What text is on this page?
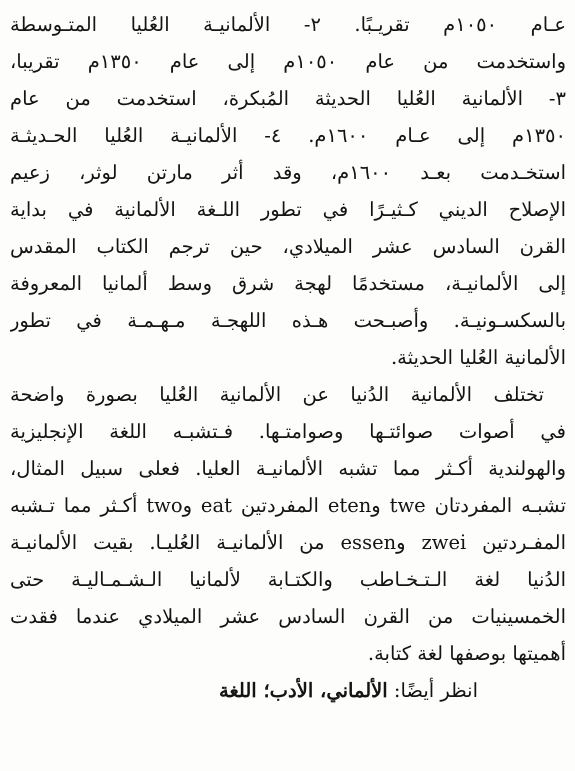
عـام ١٠٥٠م تقريـبًا. ٢- الألمانيـة العُليا المتـوسطة
واستخدمت من عام ١٠٥٠م إلى عام ١٣٥٠م تقريبا،
٣- الألمانية العُليا الحديثة المُبكرة، استخدمت من عام
١٣٥٠م إلى عـام ١٦٠٠م. ٤- الألمانيـة العُليا الحـديثـة
استخـدمت بعـد ١٦٠٠م، وقد أثر مارتن لوثر، زعيم
الإصلاح الديني كـثيـرًا في تطور اللـغة الألمانية في بداية
القرن السادس عشر الميلادي، حين ترجم الكتاب المقدس
إلى الألمانيـة، مستخدمًا لهجة شرق وسط ألمانيا المعروفة
بالسكسـونيـة. وأصبـحت هـذه اللهجـة مـهـمـة في تطور
الألمانية العُليا الحديثة.
تختلف الألمانية الدُنيا عن الألمانية العُليا بصورة واضحة
في أصوات صوائتـها وصوامتـها. فـتشبـه اللغة الإنجليزية
والهولندية أكـثر مما تشبه الألمانيـة العليا. فعلى سبيل المثال،
تشبـه المفردتان twe وeten المفردتين eat وtwo أكـثر مما تـشبه
المفـردتين zwei وessen من الألمانيـة العُليـا. بقيت الألمانيـة
الدُنيا لغة الـتـخـاطب والكتـابة لألمانيا الـشـمـاليـة حتى
الخمسينيات من القرن السادس عشر الميلادي عندما فقدت
أهميتها بوصفها لغة كتابة.
انظر أيضًا: الألماني، الأدب؛ اللغة
